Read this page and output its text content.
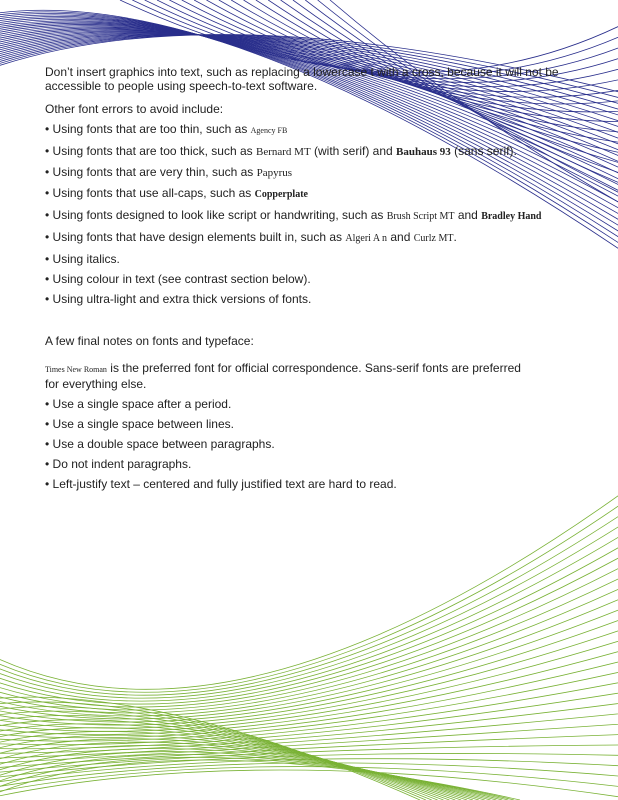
Don’t insert graphics into text, such as replacing a lowercase t with a cross, because it will not be
accessible to people using speech-to-text software.

Other font errors to avoid include:

• Using fonts that are too thin, such as Agency FB
• Using fonts that are too thick, such as Bernard MT (with serif) and Bauhaus 93 (sans serif).
• Using fonts that are very thin, such as Papyrus
• Using fonts that use all-caps, such as Copperplate
• Using fonts designed to look like script or handwriting, such as Brush Script MT and Bradley Hand
• Using fonts that have design elements built in, such as Algeri A n and Curlz MT.
• Using italics.
• Using colour in text (see contrast section below).
• Using ultra-light and extra thick versions of fonts.

A few final notes on fonts and typeface:

Times New Roman is the preferred font for official correspondence. Sans-serif fonts are preferred
for everything else.

• Use a single space after a period.
• Use a single space between lines.
• Use a double space between paragraphs.
• Do not indent paragraphs.
• Left-justify text – centered and fully justified text are hard to read.
